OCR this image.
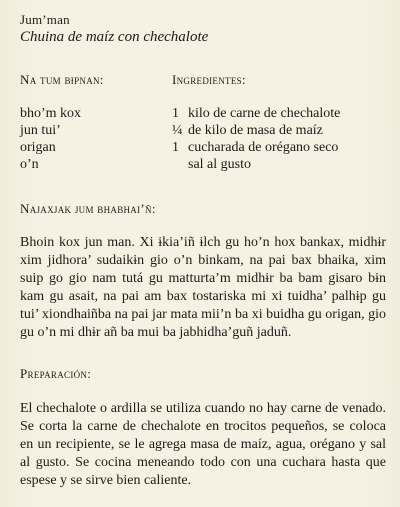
Jum’man
Chuina de maíz con chechalote
Na tum bɨpnan:
bho’m kox
jun tui’
origan
o’n
Ingredientes:
1 kilo de carne de chechalote
¼ de kilo de masa de maíz
1 cucharada de orégano seco
sal al gusto
Najaxjak jum bhabhai’ñ:
Bhoin kox jun man. Xi ɨkia’iñ ɨlch gu ho’n hox bankax, midhɨr xim jidhora’ sudaikɨn gio o’n binkam, na pai bax bhaika, xim suip go gio nam tutá gu matturta’m midhɨr ba bam gisaro bɨn kam gu asait, na pai am bax tostariska mi xi tuidha’ palhɨp gu tui’ xiondhaiñba na pai jar mata mii’n ba xi buidha gu origan, gio gu o’n mi dhɨr añ ba mui ba jabhidha’guñ jaduñ.
Preparación:
El chechalote o ardilla se utiliza cuando no hay carne de venado. Se corta la carne de chechalote en trocitos pequeños, se coloca en un recipiente, se le agrega masa de maíz, agua, orégano y sal al gusto. Se cocina meneando todo con una cuchara hasta que espese y se sirve bien caliente.
